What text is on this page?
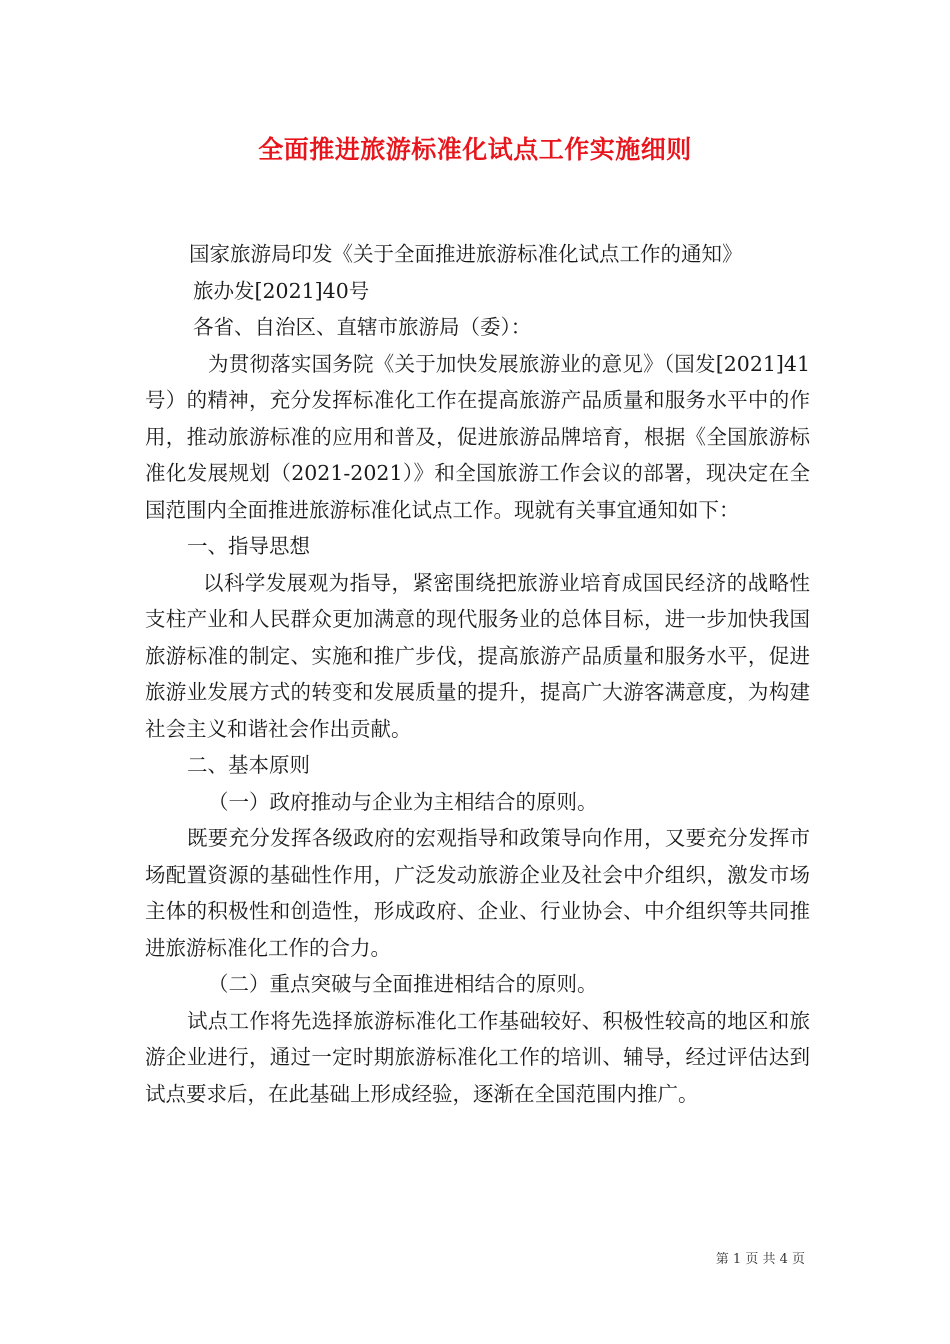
全面推进旅游标准化试点工作实施细则

国家旅游局印发《关于全面推进旅游标准化试点工作的通知》

旅办发[2021]40号

各省、自治区、直辖市旅游局（委）：

为贯彻落实国务院《关于加快发展旅游业的意见》（国发[2021]41号）的精神，充分发挥标准化工作在提高旅游产品质量和服务水平中的作用，推动旅游标准的应用和普及，促进旅游品牌培育，根据《全国旅游标准化发展规划（2021-2021）》和全国旅游工作会议的部署，现决定在全国范围内全面推进旅游标准化试点工作。现就有关事宜通知如下：

一、指导思想

以科学发展观为指导，紧密围绕把旅游业培育成国民经济的战略性支柱产业和人民群众更加满意的现代服务业的总体目标，进一步加快我国旅游标准的制定、实施和推广步伐，提高旅游产品质量和服务水平，促进旅游业发展方式的转变和发展质量的提升，提高广大游客满意度，为构建社会主义和谐社会作出贡献。

二、基本原则

（一）政府推动与企业为主相结合的原则。

既要充分发挥各级政府的宏观指导和政策导向作用，又要充分发挥市场配置资源的基础性作用，广泛发动旅游企业及社会中介组织，激发市场主体的积极性和创造性，形成政府、企业、行业协会、中介组织等共同推进旅游标准化工作的合力。

（二）重点突破与全面推进相结合的原则。

试点工作将先选择旅游标准化工作基础较好、积极性较高的地区和旅游企业进行，通过一定时期旅游标准化工作的培训、辅导，经过评估达到试点要求后，在此基础上形成经验，逐渐在全国范围内推广。

第 1 页 共 4 页
